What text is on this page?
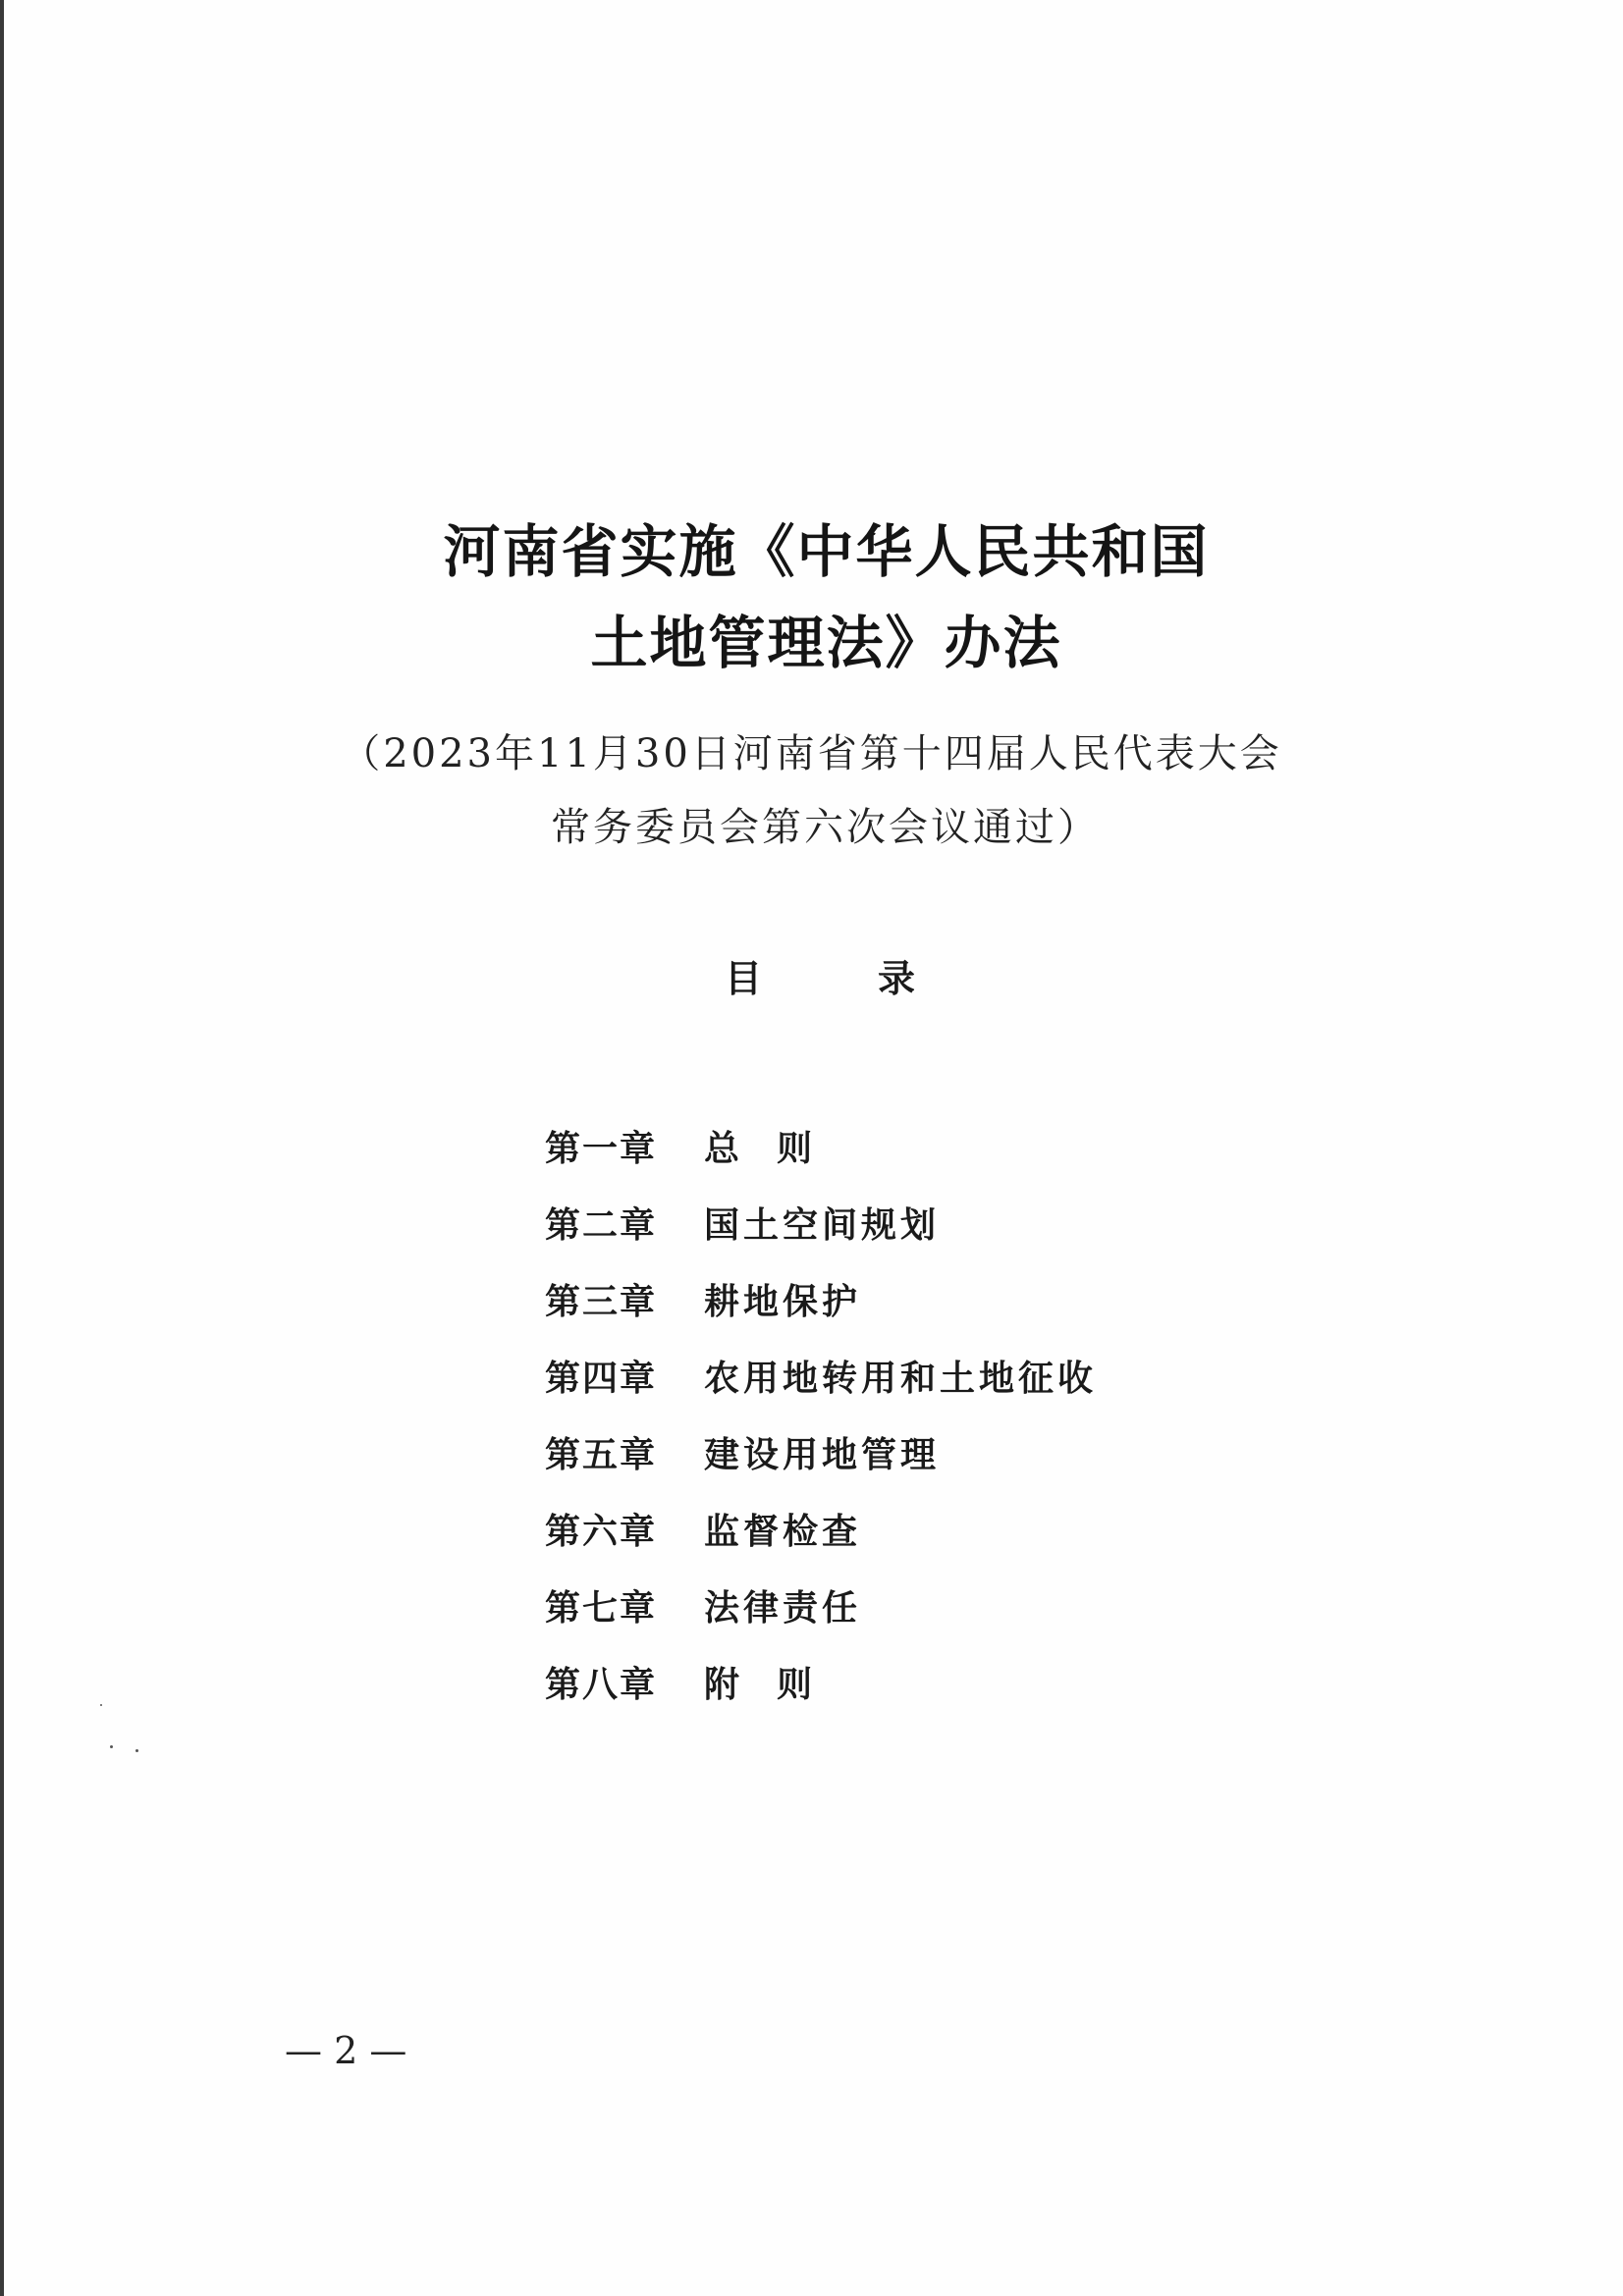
河南省实施《中华人民共和国
土地管理法》办法
（2023年11月30日河南省第十四届人民代表大会
常务委员会第六次会议通过）
目录
第一章	总则
第二章	国土空间规划
第三章	耕地保护
第四章	农用地转用和土地征收
第五章	建设用地管理
第六章	监督检查
第七章	法律责任
第八章	附则
— 2 —
